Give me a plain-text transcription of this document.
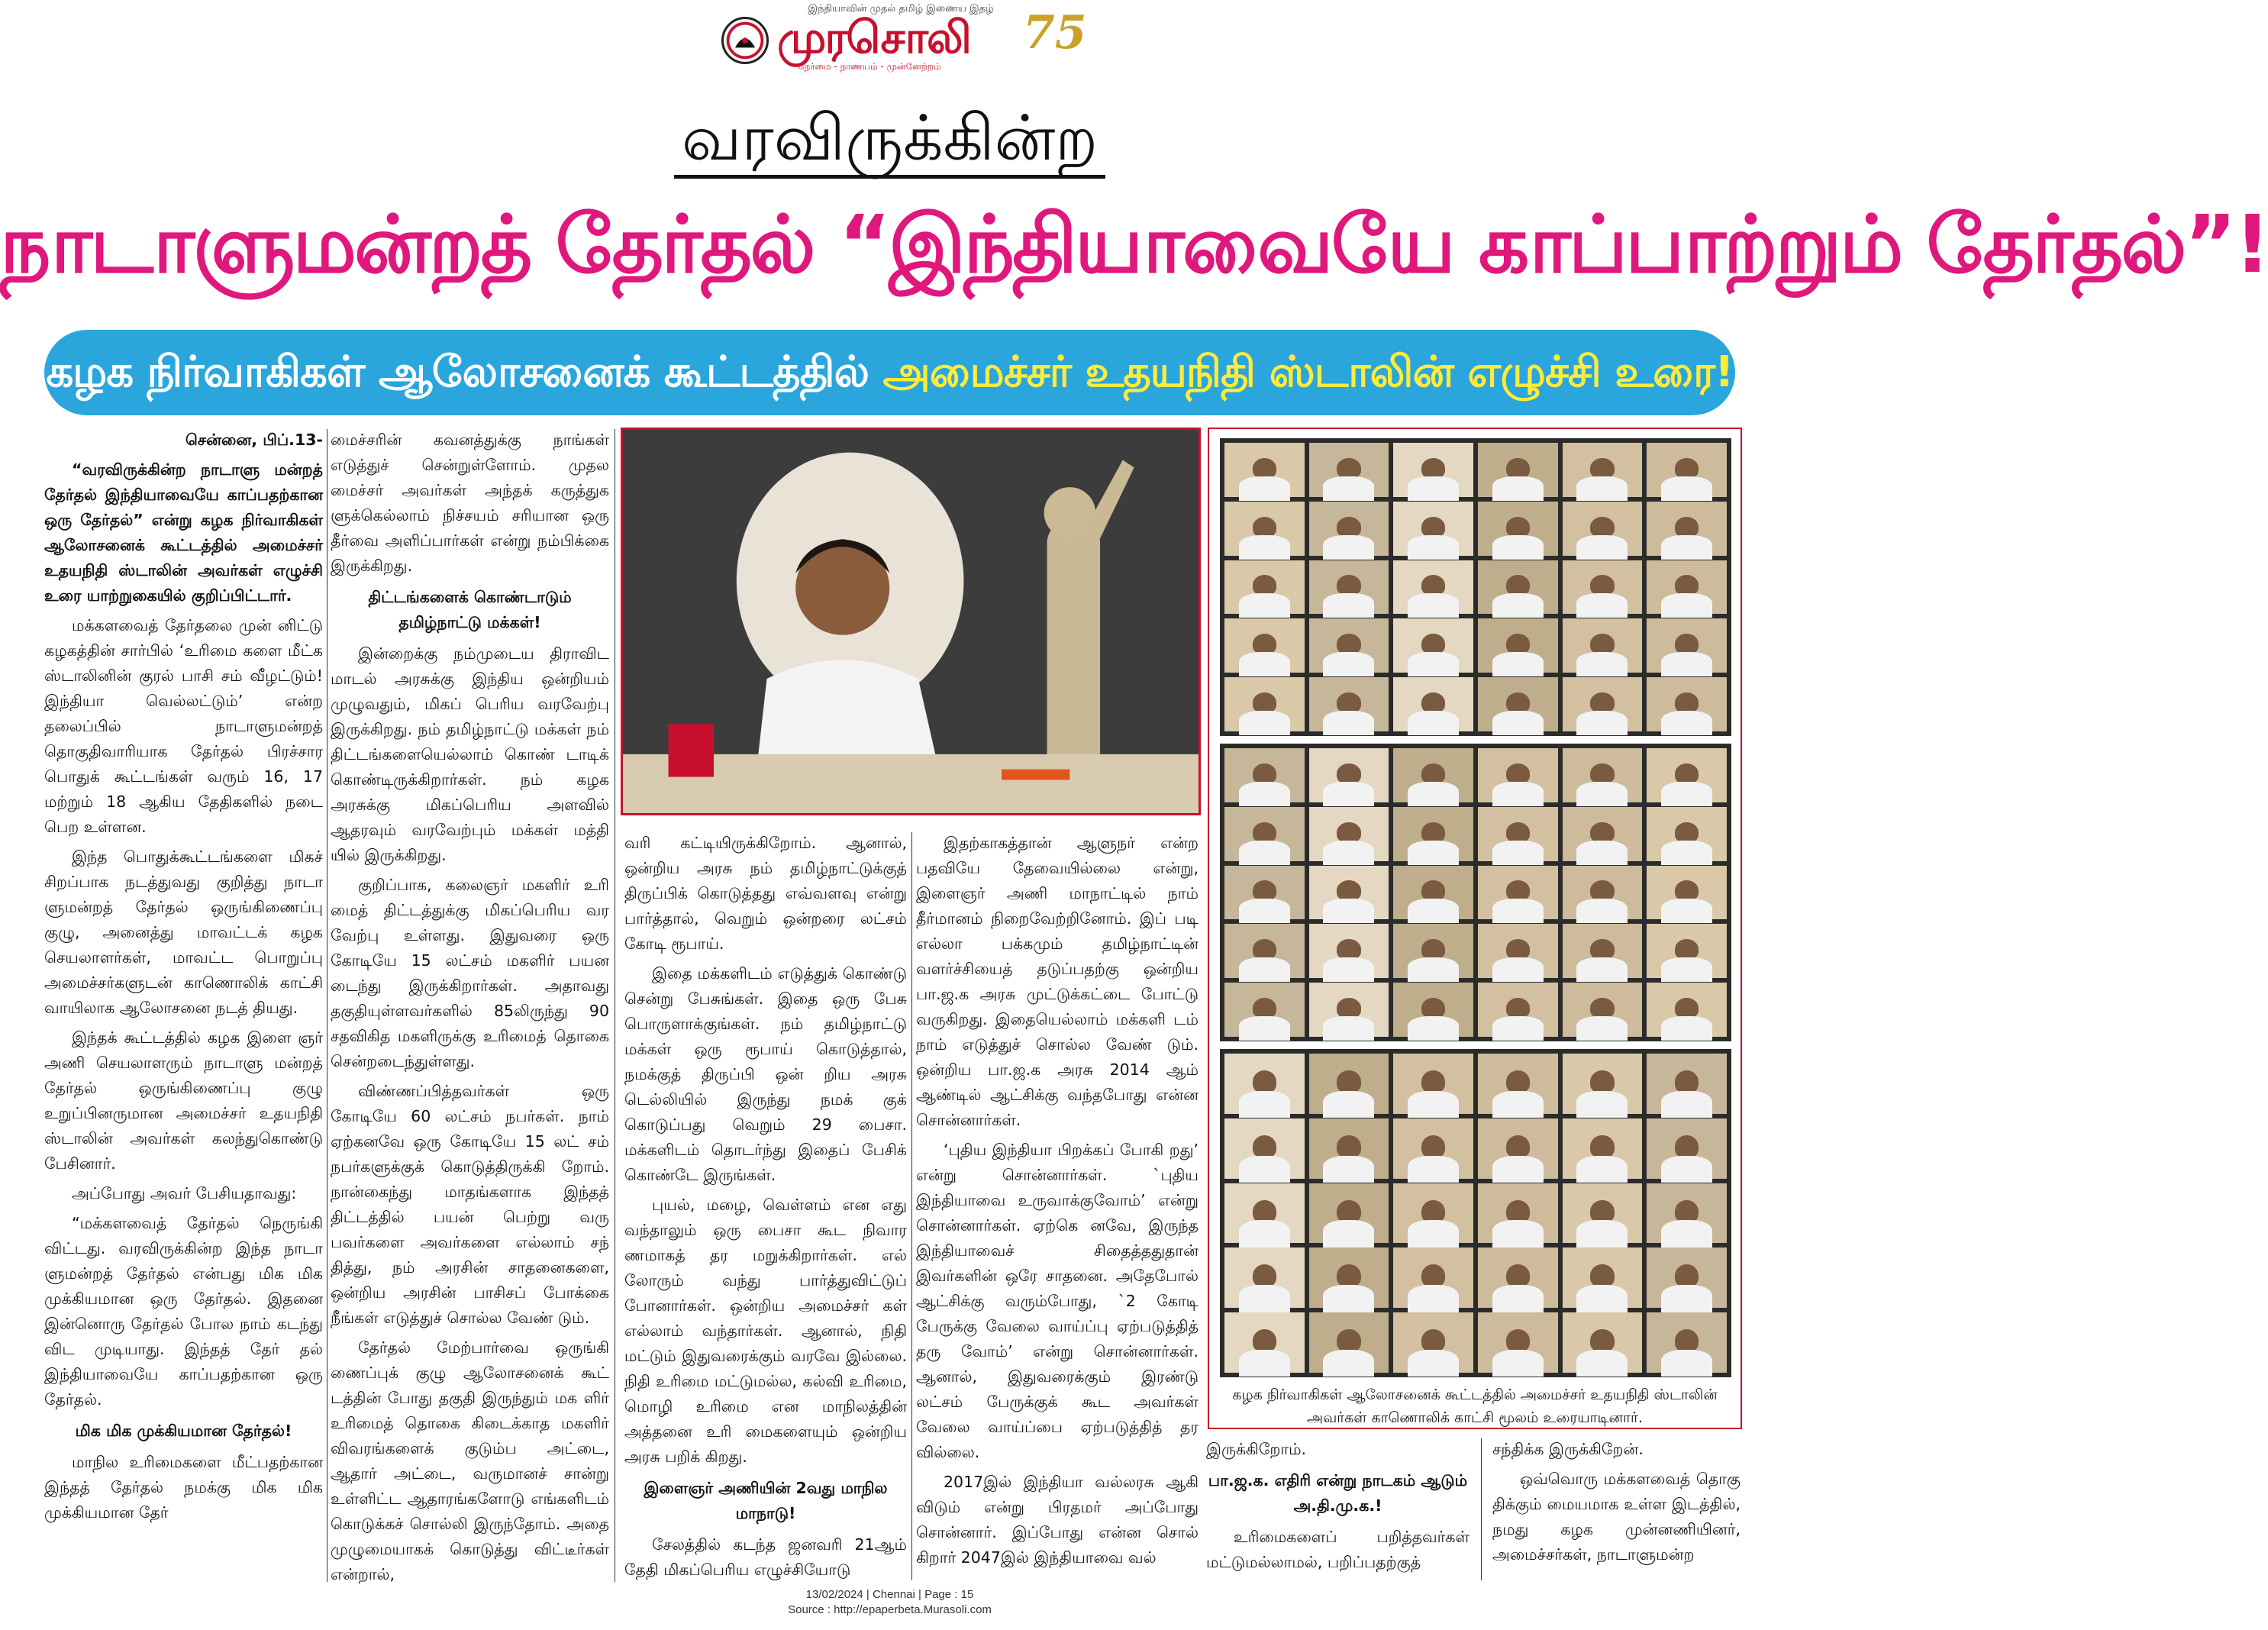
இந்தியாவின் முதல் தமிழ் இணைய இதழ்
முரசொலி
நேர்மை - நாணயம் - முன்னேற்றம்
75
வரவிருக்கின்ற
நாடாளுமன்றத் தேர்தல் “இந்தியாவையே காப்பாற்றும் தேர்தல்”!
கழக நிர்வாகிகள் ஆலோசனைக் கூட்டத்தில் அமைச்சர் உதயநிதி ஸ்டாலின் எழுச்சி உரை!

சென்னை, பிப்.13-

“வரவிருக்கின்ற நாடாளு மன்றத் தேர்தல் இந்தியாவையே காப்பதற்கான ஒரு தேர்தல்” என்று கழக நிர்வாகிகள் ஆலோசனைக் கூட்டத்தில் அமைச்சர் உதயநிதி ஸ்டாலின் அவர்கள் எழுச்சி உரை யாற்றுகையில் குறிப்பிட்டார்.

மக்களவைத் தேர்தலை முன் னிட்டு கழகத்தின் சார்பில் ‘உரிமை களை மீட்க ஸ்டாலினின் குரல் பாசி சம் வீழட்டும்! இந்தியா வெல்லட்டும்’ என்ற தலைப்பில் நாடாளுமன்றத் தொகுதிவாரியாக தேர்தல் பிரச்சார பொதுக் கூட்டங்கள் வரும் 16, 17 மற்றும் 18 ஆகிய தேதிகளில் நடை பெற உள்ளன.

இந்த பொதுக்கூட்டங்களை மிகச் சிறப்பாக நடத்துவது குறித்து நாடா ளுமன்றத் தேர்தல் ஒருங்கிணைப்பு குழு, அனைத்து மாவட்டக் கழக செயலாளர்கள், மாவட்ட பொறுப்பு அமைச்சர்களுடன் காணொலிக் காட்சி வாயிலாக ஆலோசனை நடத் தியது.

இந்தக் கூட்டத்தில் கழக இளை ஞர் அணி செயலாளரும் நாடாளு மன்றத் தேர்தல் ஒருங்கிணைப்பு குழு உறுப்பினருமான அமைச்சர் உதயநிதி ஸ்டாலின் அவர்கள் கலந்துகொண்டு பேசினார்.

அப்போது அவர் பேசியதாவது:

“மக்களவைத் தேர்தல் நெருங்கி விட்டது. வரவிருக்கின்ற இந்த நாடா ளுமன்றத் தேர்தல் என்பது மிக மிக முக்கியமான ஒரு தேர்தல். இதனை இன்னொரு தேர்தல் போல நாம் கடந்து விட முடியாது. இந்தத் தேர் தல் இந்தியாவையே காப்பதற்கான ஒரு தேர்தல்.

மிக மிக முக்கியமான தேர்தல்!

மாநில உரிமைகளை மீட்பதற்கான இந்தத் தேர்தல் நமக்கு மிக மிக முக்கியமான தேர்

மைச்சரின் கவனத்துக்கு நாங்கள் எடுத்துச் சென்றுள்ளோம். முதல மைச்சர் அவர்கள் அந்தக் கருத்துக ளுக்கெல்லாம் நிச்சயம் சரியான ஒரு தீர்வை அளிப்பார்கள் என்று நம்பிக்கை இருக்கிறது.

திட்டங்களைக் கொண்டாடும் தமிழ்நாட்டு மக்கள்!

இன்றைக்கு நம்முடைய திராவிட மாடல் அரசுக்கு இந்திய ஒன்றியம் முழுவதும், மிகப் பெரிய வரவேற்பு இருக்கிறது. நம் தமிழ்நாட்டு மக்கள் நம் திட்டங்களையெல்லாம் கொண் டாடிக் கொண்டிருக்கிறார்கள். நம் கழக அரசுக்கு மிகப்பெரிய அளவில் ஆதரவும் வரவேற்பும் மக்கள் மத்தி யில் இருக்கிறது.

குறிப்பாக, கலைஞர் மகளிர் உரி மைத் திட்டத்துக்கு மிகப்பெரிய வர வேற்பு உள்ளது. இதுவரை ஒரு கோடியே 15 லட்சம் மகளிர் பயன டைந்து இருக்கிறார்கள். அதாவது தகுதியுள்ளவர்களில் 85லிருந்து 90 சதவிகித மகளிருக்கு உரிமைத் தொகை சென்றடைந்துள்ளது.

விண்ணப்பித்தவர்கள் ஒரு கோடியே 60 லட்சம் நபர்கள். நாம் ஏற்கனவே ஒரு கோடியே 15 லட் சம் நபர்களுக்குக் கொடுத்திருக்கி றோம். நான்கைந்து மாதங்களாக இந்தத் திட்டத்தில் பயன் பெற்று வரு பவர்களை அவர்களை எல்லாம் சந் தித்து, நம் அரசின் சாதனைகளை, ஒன்றிய அரசின் பாசிசப் போக்கை நீங்கள் எடுத்துச் சொல்ல வேண் டும்.

தேர்தல் மேற்பார்வை ஒருங்கி ணைப்புக் குழு ஆலோசனைக் கூட் டத்தின் போது தகுதி இருந்தும் மக ளிர் உரிமைத் தொகை கிடைக்காத மகளிர் விவரங்களைக் குடும்ப அட்டை, ஆதார் அட்டை, வருமானச் சான்று உள்ளிட்ட ஆதாரங்களோடு எங்களிடம் கொடுக்கச் சொல்லி இருந்தோம். அதை முழுமையாகக் கொடுத்து விட்டீர்கள் என்றால்,

வரி கட்டியிருக்கிறோம். ஆனால், ஒன்றிய அரசு நம் தமிழ்நாட்டுக்குத் திருப்பிக் கொடுத்தது எவ்வளவு என்று பார்த்தால், வெறும் ஒன்றரை லட்சம் கோடி ரூபாய்.

இதை மக்களிடம் எடுத்துக் கொண்டு சென்று பேசுங்கள். இதை ஒரு பேசு பொருளாக்குங்கள். நம் தமிழ்நாட்டு மக்கள் ஒரு ரூபாய் கொடுத்தால், நமக்குத் திருப்பி ஒன் றிய அரசு டெல்லியில் இருந்து நமக் குக் கொடுப்பது வெறும் 29 பைசா. மக்களிடம் தொடர்ந்து இதைப் பேசிக் கொண்டே இருங்கள்.

புயல், மழை, வெள்ளம் என எது வந்தாலும் ஒரு பைசா கூட நிவார ணமாகத் தர மறுக்கிறார்கள். எல் லோரும் வந்து பார்த்துவிட்டுப் போனார்கள். ஒன்றிய அமைச்சர் கள் எல்லாம் வந்தார்கள். ஆனால், நிதி மட்டும் இதுவரைக்கும் வரவே இல்லை. நிதி உரிமை மட்டுமல்ல, கல்வி உரிமை, மொழி உரிமை என மாநிலத்தின் அத்தனை உரி மைகளையும் ஒன்றிய அரசு பறிக் கிறது.

இளைஞர் அணியின் 2வது மாநில மாநாடு!

சேலத்தில் கடந்த ஜனவரி 21ஆம் தேதி மிகப்பெரிய எழுச்சியோடு

இதற்காகத்தான் ஆளுநர் என்ற பதவியே தேவையில்லை என்று, இளைஞர் அணி மாநாட்டில் நாம் தீர்மானம் நிறைவேற்றினோம். இப் படி எல்லா பக்கமும் தமிழ்நாட்டின் வளர்ச்சியைத் தடுப்பதற்கு ஒன்றிய பா.ஜ.க அரசு முட்டுக்கட்டை போட்டு வருகிறது. இதையெல்லாம் மக்களி டம் நாம் எடுத்துச் சொல்ல வேண் டும். ஒன்றிய பா.ஜ.க அரசு 2014 ஆம் ஆண்டில் ஆட்சிக்கு வந்தபோது என்ன சொன்னார்கள்.

‘புதிய இந்தியா பிறக்கப் போகி றது’ என்று சொன்னார்கள். `புதிய இந்தியாவை உருவாக்குவோம்’ என்று சொன்னார்கள். ஏற்கெ னவே, இருந்த இந்தியாவைச் சிதைத்ததுதான் இவர்களின் ஒரே சாதனை. அதேபோல் ஆட்சிக்கு வரும்போது, `2 கோடி பேருக்கு வேலை வாய்ப்பு ஏற்படுத்தித் தரு வோம்’ என்று சொன்னார்கள். ஆனால், இதுவரைக்கும் இரண்டு லட்சம் பேருக்குக் கூட அவர்கள் வேலை வாய்ப்பை ஏற்படுத்தித் தர வில்லை.

2017இல் இந்தியா வல்லரசு ஆகி விடும் என்று பிரதமர் அப்போது சொன்னார். இப்போது என்ன சொல் கிறார் 2047இல் இந்தியாவை வல்

கழக நிர்வாகிகள் ஆலோசனைக் கூட்டத்தில் அமைச்சர் உதயநிதி ஸ்டாலின் அவர்கள் காணொலிக் காட்சி மூலம் உரையாடினார்.

இருக்கிறோம்.

பா.ஜ.க. எதிரி என்று நாடகம் ஆடும் அ.தி.மு.க.!

உரிமைகளைப் பறித்தவர்கள் மட்டுமல்லாமல், பறிப்பதற்குத்

சந்திக்க இருக்கிறேன்.

ஒவ்வொரு மக்களவைத் தொகு திக்கும் மையமாக உள்ள இடத்தில், நமது கழக முன்னணியினர், அமைச்சர்கள், நாடாளுமன்ற

13/02/2024 | Chennai | Page : 15
Source : http://epaperbeta.Murasoli.com
